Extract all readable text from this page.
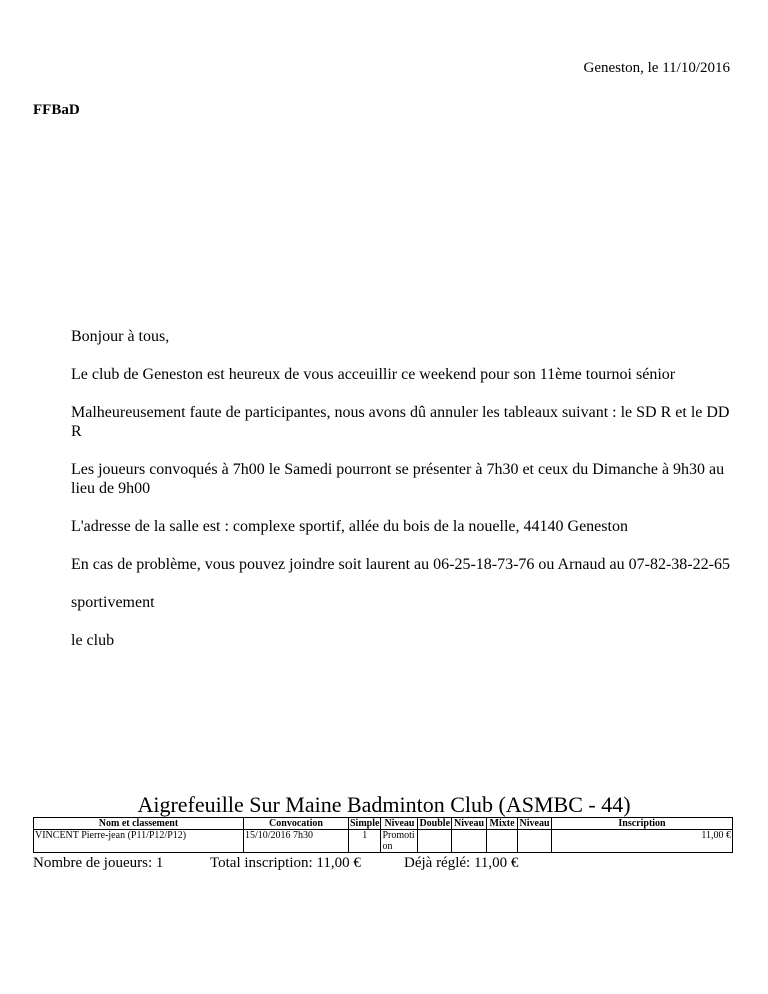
Geneston, le 11/10/2016
FFBaD

Bonjour à tous,

Le club de Geneston est heureux de vous acceuillir ce weekend pour son 11ème tournoi sénior

Malheureusement faute de participantes, nous avons dû annuler les tableaux suivant : le SD R et le DD R

Les joueurs convoqués à 7h00 le Samedi pourront se présenter à 7h30 et ceux du Dimanche à 9h30 au lieu de 9h00

L'adresse de la salle est : complexe sportif, allée du bois de la nouelle, 44140 Geneston

En cas de problème, vous pouvez joindre soit laurent au 06-25-18-73-76 ou Arnaud au 07-82-38-22-65

sportivement

le club

Aigrefeuille Sur Maine Badminton Club (ASMBC - 44)
Nom et classement	Convocation	Simple	Niveau	Double	Niveau	Mixte	Niveau	Inscription
VINCENT Pierre-jean (P11/P12/P12)	15/10/2016 7h30	1	Promotion					11,00 €
Nombre de joueurs: 1	Total inscription: 11,00 €	Déjà réglé: 11,00 €
